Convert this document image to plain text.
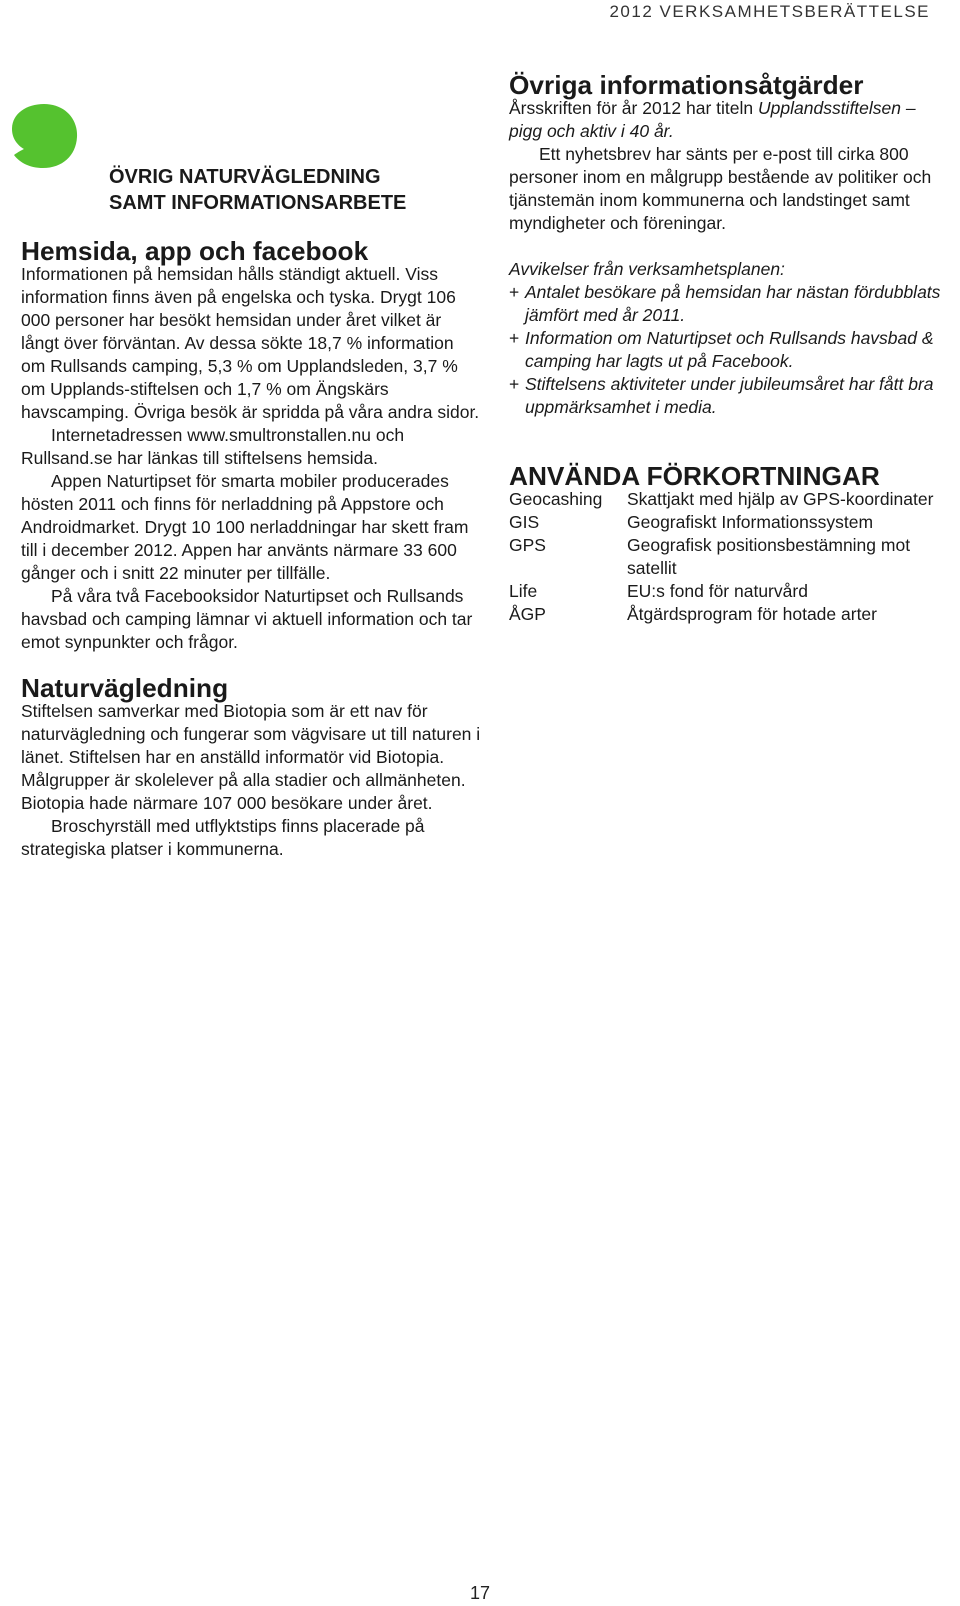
2012 VERKSAMHETSBERÄTTELSE
ÖVRIG NATURVÄGLEDNING
SAMT INFORMATIONSARBETE
Hemsida, app och facebook

Informationen på hemsidan hålls ständigt aktuell. Viss information finns även på engelska och tyska. Drygt 106 000 personer har besökt hemsidan under året vilket är långt över förväntan. Av dessa sökte 18,7 % information om Rullsands camping, 5,3 % om Upplandsleden, 3,7 % om Upplands-stiftelsen och 1,7 % om Ängskärs havscamping. Övriga besök är spridda på våra andra sidor.

Internetadressen www.smultronstallen.nu och Rullsand.se har länkas till stiftelsens hemsida.

Appen Naturtipset för smarta mobiler producerades hösten 2011 och finns för nerladdning på Appstore och Androidmarket. Drygt 10 100 nerladdningar har skett fram till i december 2012. Appen har använts närmare 33 600 gånger och i snitt 22 minuter per tillfälle.

På våra två Facebooksidor Naturtipset och Rullsands havsbad och camping lämnar vi aktuell information och tar emot synpunkter och frågor.

Naturvägledning

Stiftelsen samverkar med Biotopia som är ett nav för naturvägledning och fungerar som vägvisare ut till naturen i länet. Stiftelsen har en anställd informatör vid Biotopia. Målgrupper är skolelever på alla stadier och allmänheten. Biotopia hade närmare 107 000 besökare under året.

Broschyrställ med utflyktstips finns placerade på strategiska platser i kommunerna.

Övriga informationsåtgärder

Årsskriften för år 2012 har titeln Upplandsstiftelsen – pigg och aktiv i 40 år.

Ett nyhetsbrev har sänts per e-post till cirka 800 personer inom en målgrupp bestående av politiker och tjänstemän inom kommunerna och landstinget samt myndigheter och föreningar.

Avvikelser från verksamhetsplanen:

+ Antalet besökare på hemsidan har nästan fördubblats jämfört med år 2011.
+ Information om Naturtipset och Rullsands havsbad & camping har lagts ut på Facebook.
+ Stiftelsens aktiviteter under jubileumsåret har fått bra uppmärksamhet i media.
ANVÄNDA FÖRKORTNINGAR
Geocashing	Skattjakt med hjälp av GPS-koordinater
GIS	Geografiskt Informationssystem
GPS	Geografisk positionsbestämning mot satellit
Life	EU:s fond för naturvård
ÅGP	Åtgärdsprogram för hotade arter
17
